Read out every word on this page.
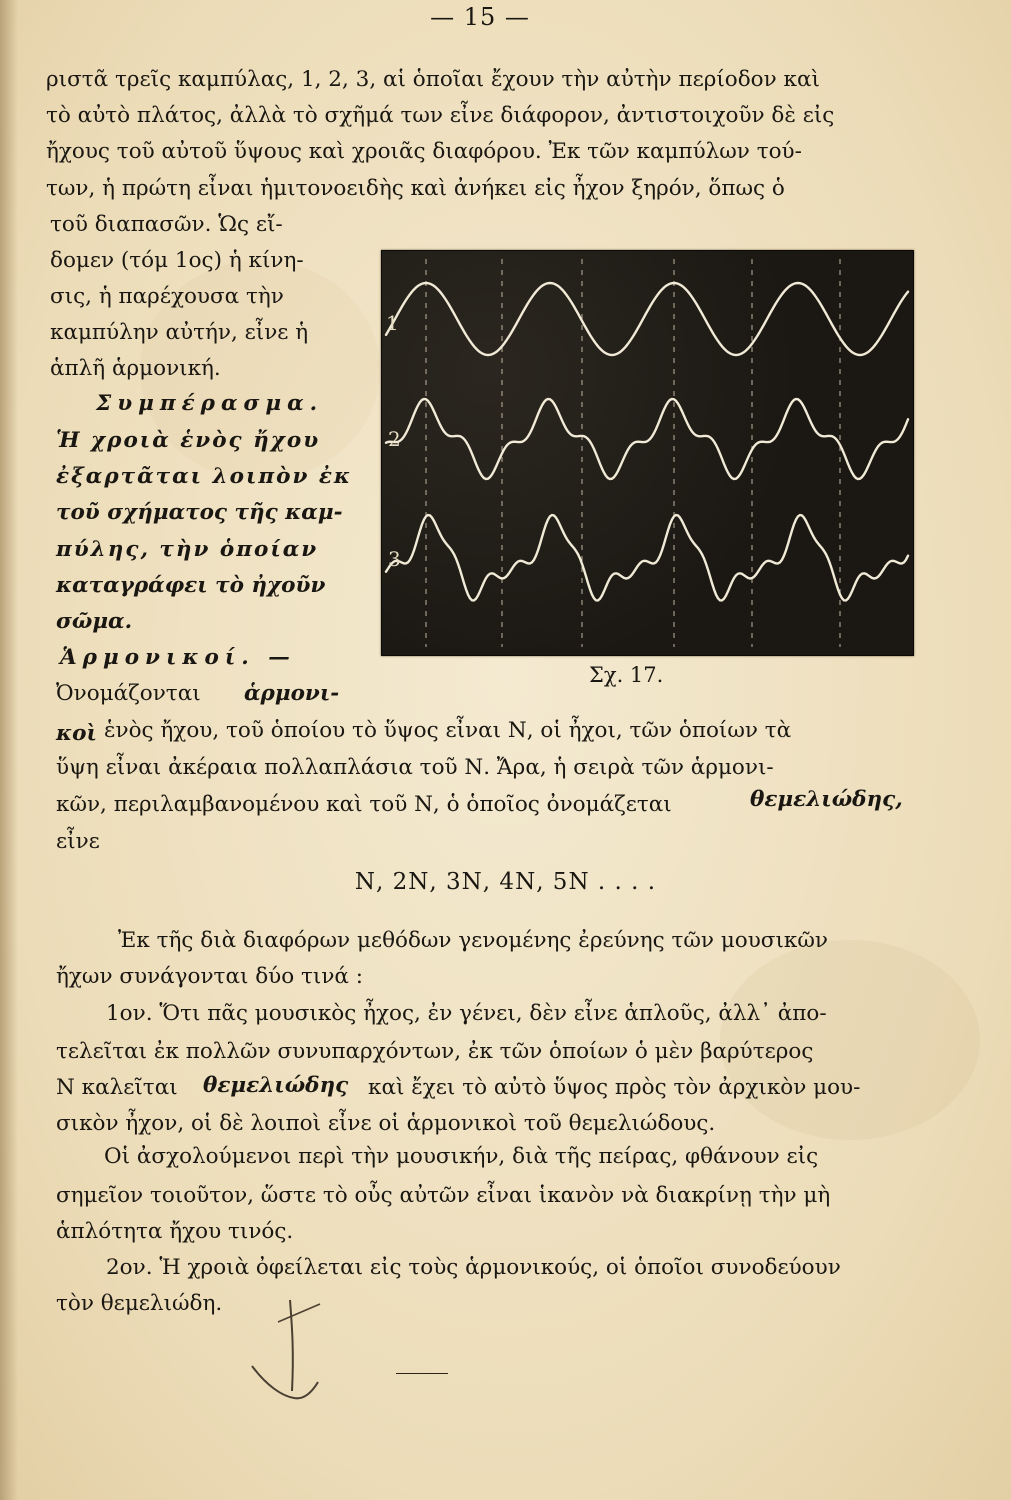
— 15 —
ριστᾶ τρεῖς καμπύλας, 1, 2, 3, αἱ ὁποῖαι ἔχουν τὴν αὐτὴν περίοδον καὶ
τὸ αὐτὸ πλάτος, ἀλλὰ τὸ σχῆμά των εἶνε διάφορον, ἀντιστοιχοῦν δὲ εἰς
ἤχους τοῦ αὐτοῦ ὕψους καὶ χροιᾶς διαφόρου. Ἐκ τῶν καμπύλων τού-
των, ἡ πρώτη εἶναι ἡμιτονοειδὴς καὶ ἀνήκει εἰς ἦχον ξηρόν, ὅπως ὁ
τοῦ διαπασῶν. Ὡς εἴ-
δομεν (τόμ 1ος) ἡ κίνη-
σις, ἡ παρέχουσα τὴν
καμπύλην αὐτήν, εἶνε ἡ
ἁπλῆ ἁρμονική.
Συμπέρασμα.
Ἡ χροιὰ ἑνὸς ἤχου
ἐξαρτᾶται λοιπὸν ἐκ
τοῦ σχήματος τῆς καμ-
πύλης, τὴν ὁποίαν
καταγράφει τὸ ἠχοῦν
σῶμα.
Ἁρμονικοί. —
Ὀνομάζονται ἁρμονι-
κοὶ ἑνὸς ἤχου, τοῦ ὁποίου τὸ ὕψος εἶναι Ν, οἱ ἦχοι, τῶν ὁποίων τὰ
ὕψη εἶναι ἀκέραια πολλαπλάσια τοῦ Ν. Ἄρα, ἡ σειρὰ τῶν ἁρμονι-
κῶν, περιλαμβανομένου καὶ τοῦ Ν, ὁ ὁποῖος ὀνομάζεται	θεμελιώδης,
εἶνε
Ν, 2Ν, 3Ν, 4Ν, 5Ν . . . .
Ἐκ τῆς διὰ διαφόρων μεθόδων γενομένης ἐρεύνης τῶν μουσικῶν
ἤχων συνάγονται δύο τινά :
1ον. Ὅτι πᾶς μουσικὸς ἦχος, ἐν γένει, δὲν εἶνε ἁπλοῦς, ἀλλ᾽ ἀπο-
τελεῖται ἐκ πολλῶν συνυπαρχόντων, ἐκ τῶν ὁποίων ὁ μὲν βαρύτερος
Ν καλεῖται θεμελιώδης καὶ ἔχει τὸ αὐτὸ ὕψος πρὸς τὸν ἀρχικὸν μου-
σικὸν ἦχον, οἱ δὲ λοιποὶ εἶνε οἱ ἁρμονικοὶ τοῦ θεμελιώδους.
Οἱ ἀσχολούμενοι περὶ τὴν μουσικήν, διὰ τῆς πείρας, φθάνουν εἰς
σημεῖον τοιοῦτον, ὥστε τὸ οὖς αὐτῶν εἶναι ἱκανὸν νὰ διακρίνῃ τὴν μὴ
ἁπλότητα ἤχου τινός.
2ον. Ἡ χροιὰ ὀφείλεται εἰς τοὺς ἁρμονικούς, οἱ ὁποῖοι συνοδεύουν
τὸν θεμελιώδη.
1
2
3
Σχ. 17.
